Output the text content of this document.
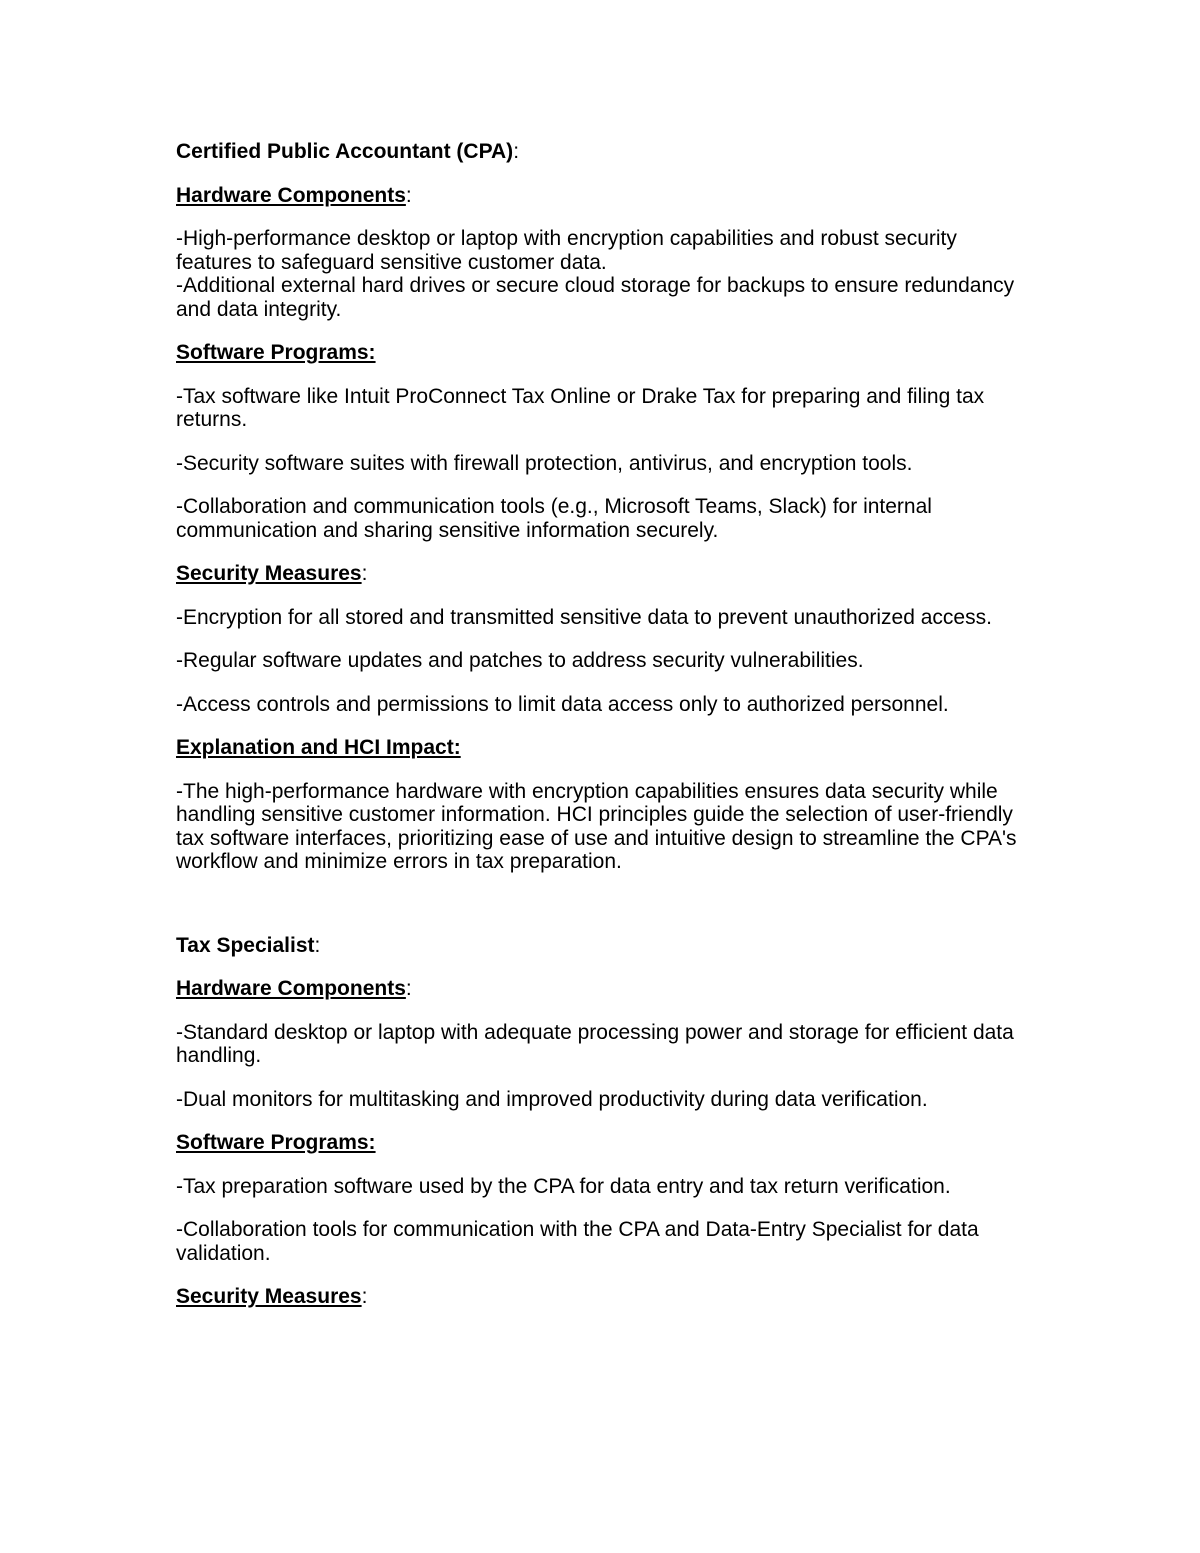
Certified Public Accountant (CPA):
Hardware Components:

-High-performance desktop or laptop with encryption capabilities and robust security features to safeguard sensitive customer data.

-Additional external hard drives or secure cloud storage for backups to ensure redundancy and data integrity.

Software Programs:

-Tax software like Intuit ProConnect Tax Online or Drake Tax for preparing and filing tax returns.

-Security software suites with firewall protection, antivirus, and encryption tools.

-Collaboration and communication tools (e.g., Microsoft Teams, Slack) for internal communication and sharing sensitive information securely.

Security Measures:

-Encryption for all stored and transmitted sensitive data to prevent unauthorized access.

-Regular software updates and patches to address security vulnerabilities.

-Access controls and permissions to limit data access only to authorized personnel.

Explanation and HCI Impact:

-The high-performance hardware with encryption capabilities ensures data security while handling sensitive customer information. HCI principles guide the selection of user-friendly tax software interfaces, prioritizing ease of use and intuitive design to streamline the CPA's workflow and minimize errors in tax preparation.

Tax Specialist:
Hardware Components:

-Standard desktop or laptop with adequate processing power and storage for efficient data handling.

-Dual monitors for multitasking and improved productivity during data verification.

Software Programs:

-Tax preparation software used by the CPA for data entry and tax return verification.

-Collaboration tools for communication with the CPA and Data-Entry Specialist for data validation.

Security Measures:
